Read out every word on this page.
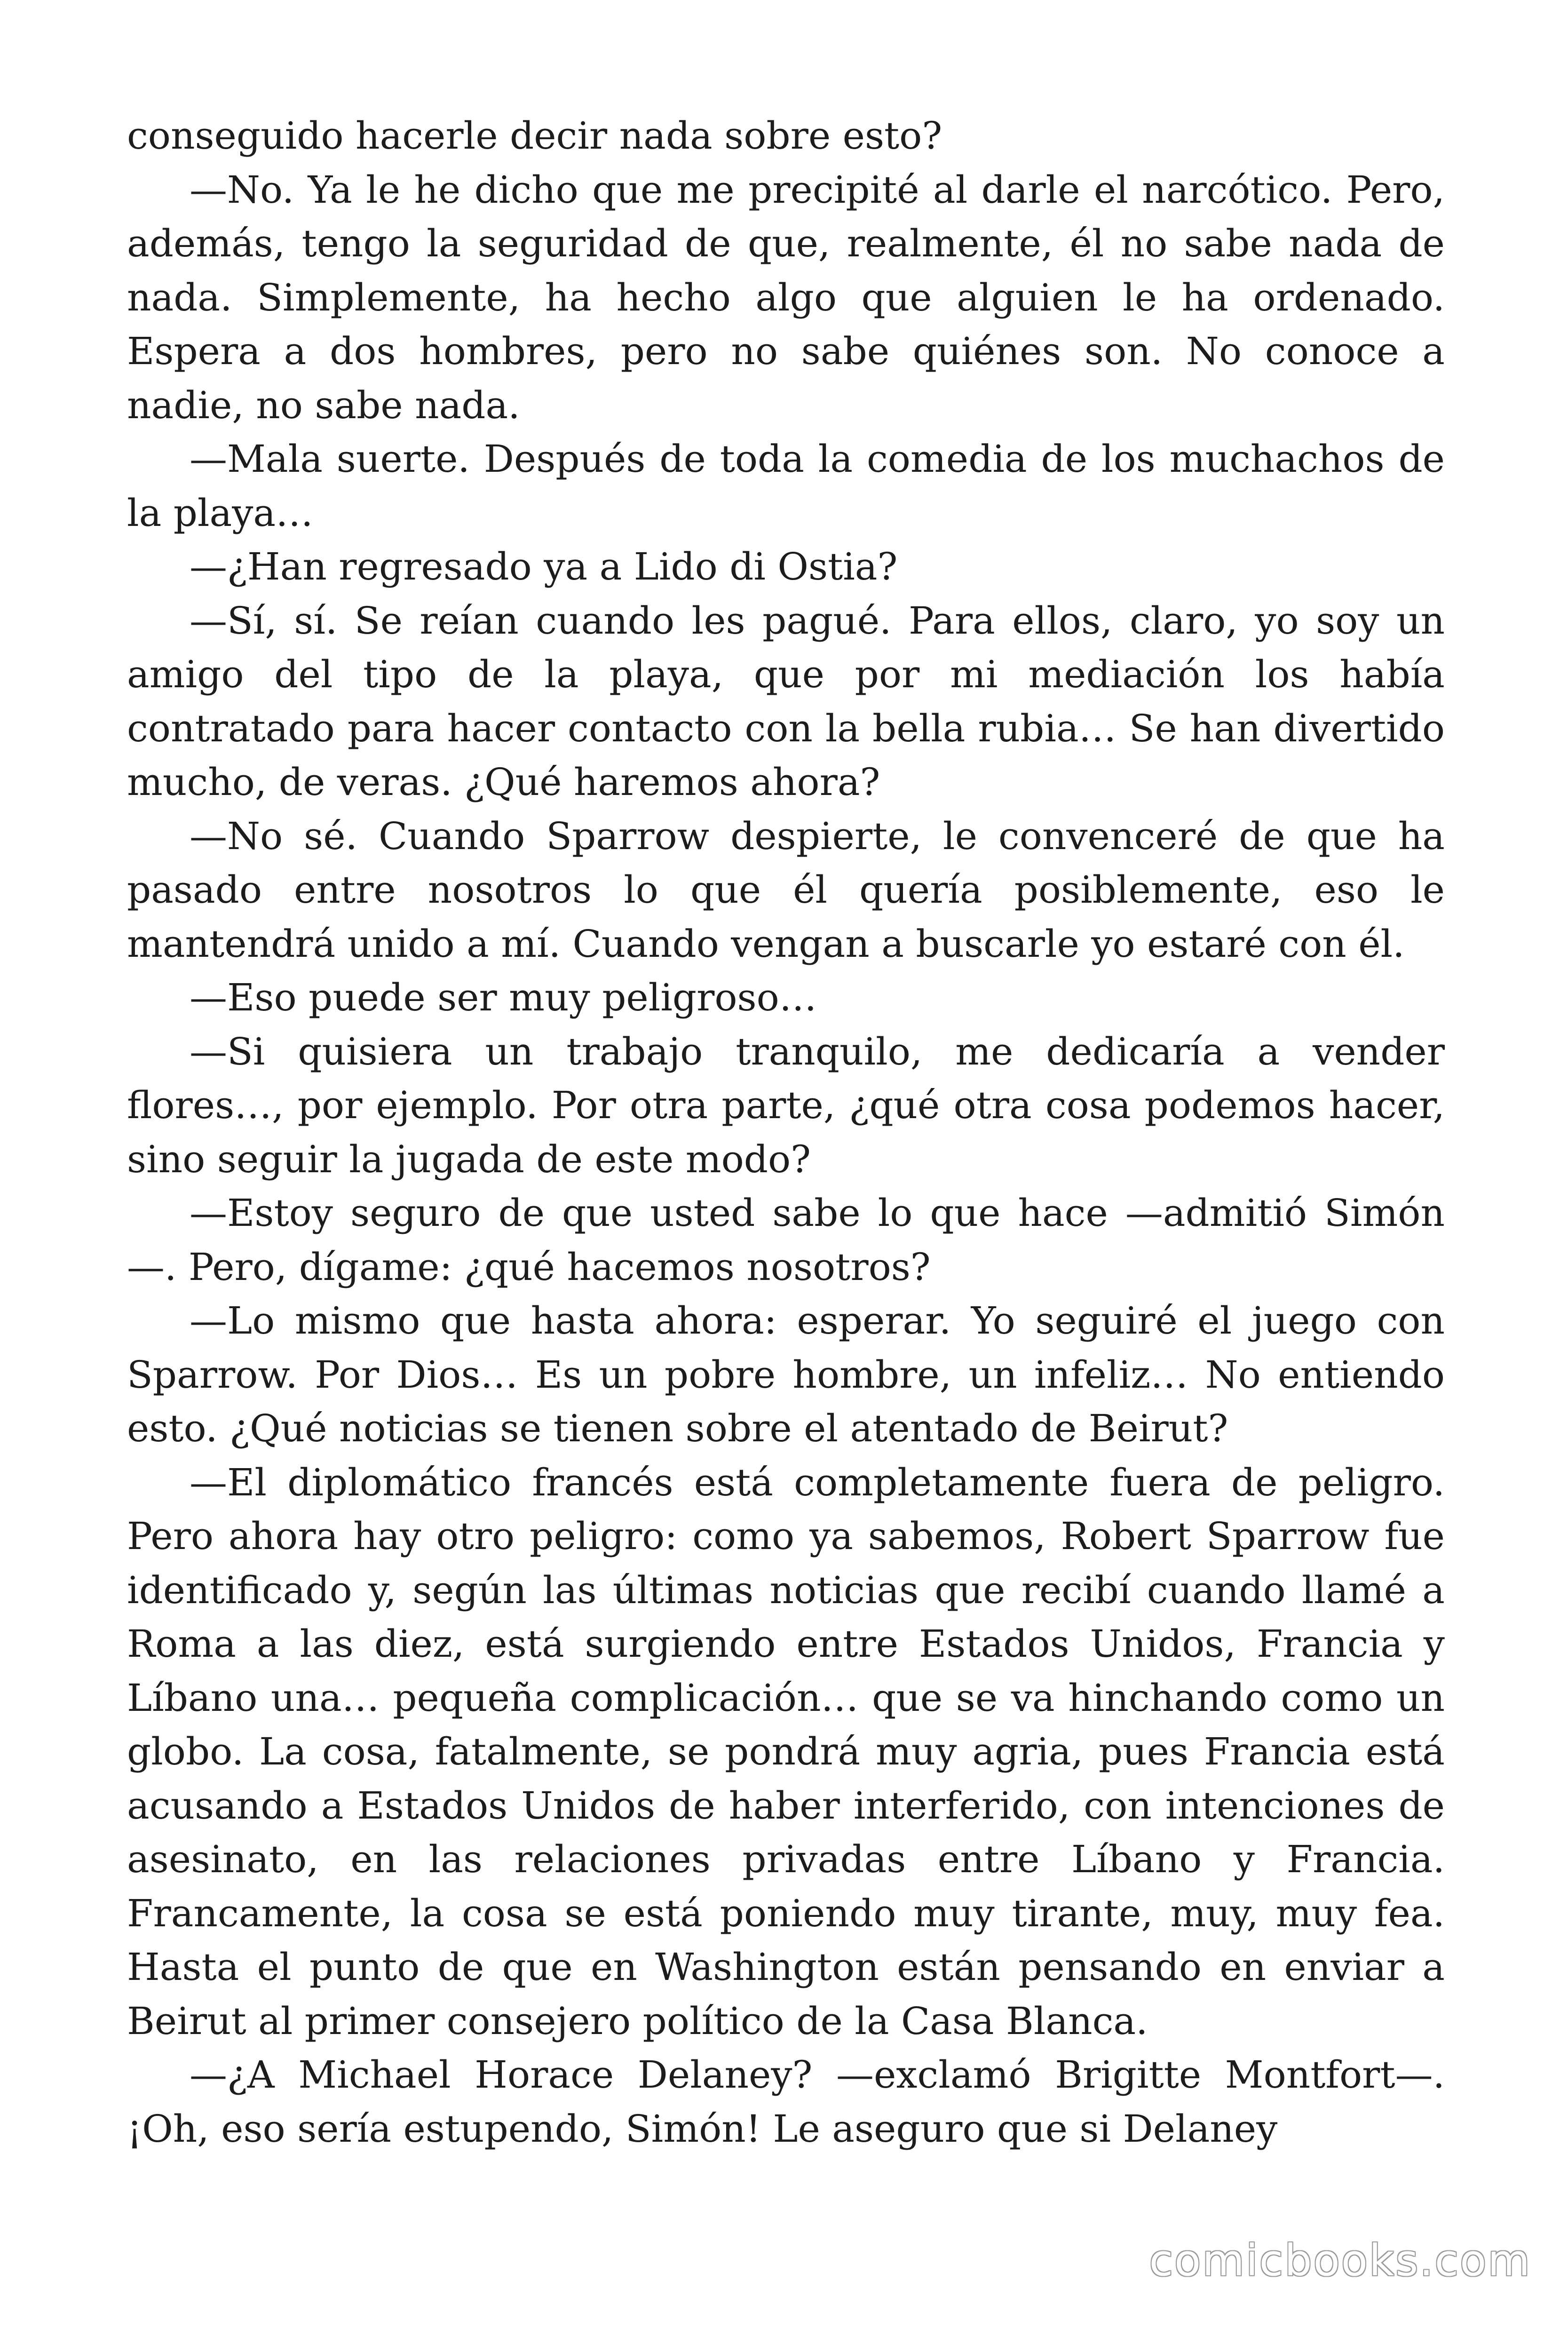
conseguido hacerle decir nada sobre esto?

—No. Ya le he dicho que me precipité al darle el narcótico. Pero, además, tengo la seguridad de que, realmente, él no sabe nada de nada. Simplemente, ha hecho algo que alguien le ha ordenado. Espera a dos hombres, pero no sabe quiénes son. No conoce a nadie, no sabe nada.

—Mala suerte. Después de toda la comedia de los muchachos de la playa…

—¿Han regresado ya a Lido di Ostia?

—Sí, sí. Se reían cuando les pagué. Para ellos, claro, yo soy un amigo del tipo de la playa, que por mi mediación los había contratado para hacer contacto con la bella rubia… Se han divertido mucho, de veras. ¿Qué haremos ahora?

—No sé. Cuando Sparrow despierte, le convenceré de que ha pasado entre nosotros lo que él quería posiblemente, eso le mantendrá unido a mí. Cuando vengan a buscarle yo estaré con él.

—Eso puede ser muy peligroso…

—Si quisiera un trabajo tranquilo, me dedicaría a vender flores…, por ejemplo. Por otra parte, ¿qué otra cosa podemos hacer, sino seguir la jugada de este modo?

—Estoy seguro de que usted sabe lo que hace —admitió Simón —. Pero, dígame: ¿qué hacemos nosotros?

—Lo mismo que hasta ahora: esperar. Yo seguiré el juego con Sparrow. Por Dios… Es un pobre hombre, un infeliz… No entiendo esto. ¿Qué noticias se tienen sobre el atentado de Beirut?

—El diplomático francés está completamente fuera de peligro. Pero ahora hay otro peligro: como ya sabemos, Robert Sparrow fue identificado y, según las últimas noticias que recibí cuando llamé a Roma a las diez, está surgiendo entre Estados Unidos, Francia y Líbano una… pequeña complicación… que se va hinchando como un globo. La cosa, fatalmente, se pondrá muy agria, pues Francia está acusando a Estados Unidos de haber interferido, con intenciones de asesinato, en las relaciones privadas entre Líbano y Francia. Francamente, la cosa se está poniendo muy tirante, muy, muy fea. Hasta el punto de que en Washington están pensando en enviar a Beirut al primer consejero político de la Casa Blanca.

—¿A Michael Horace Delaney? —exclamó Brigitte Montfort—. ¡Oh, eso sería estupendo, Simón! Le aseguro que si Delaney

comicbooks.com
